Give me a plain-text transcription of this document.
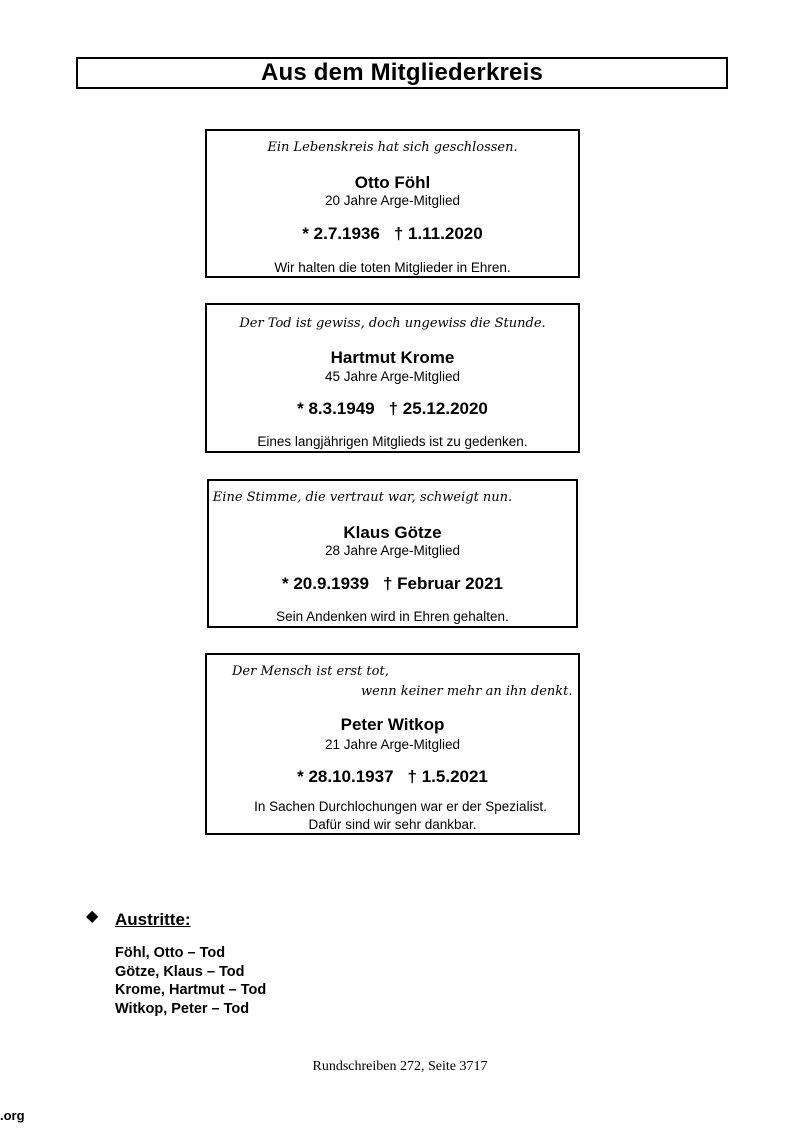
Aus dem Mitgliederkreis
Ein Lebenskreis hat sich geschlossen.
Otto Föhl
20 Jahre Arge-Mitglied
* 2.7.1936 † 1.11.2020
Wir halten die toten Mitglieder in Ehren.
Der Tod ist gewiss, doch ungewiss die Stunde.
Hartmut Krome
45 Jahre Arge-Mitglied
* 8.3.1949 † 25.12.2020
Eines langjährigen Mitglieds ist zu gedenken.
Eine Stimme, die vertraut war, schweigt nun.
Klaus Götze
28 Jahre Arge-Mitglied
* 20.9.1939 † Februar 2021
Sein Andenken wird in Ehren gehalten.
Der Mensch ist erst tot,
wenn keiner mehr an ihn denkt.
Peter Witkop
21 Jahre Arge-Mitglied
* 28.10.1937 † 1.5.2021
In Sachen Durchlochungen war er der Spezialist.
Dafür sind wir sehr dankbar.
◆ Austritte:
Föhl, Otto – Tod
Götze, Klaus – Tod
Krome, Hartmut – Tod
Witkop, Peter – Tod
Rundschreiben 272, Seite 3717
.org
